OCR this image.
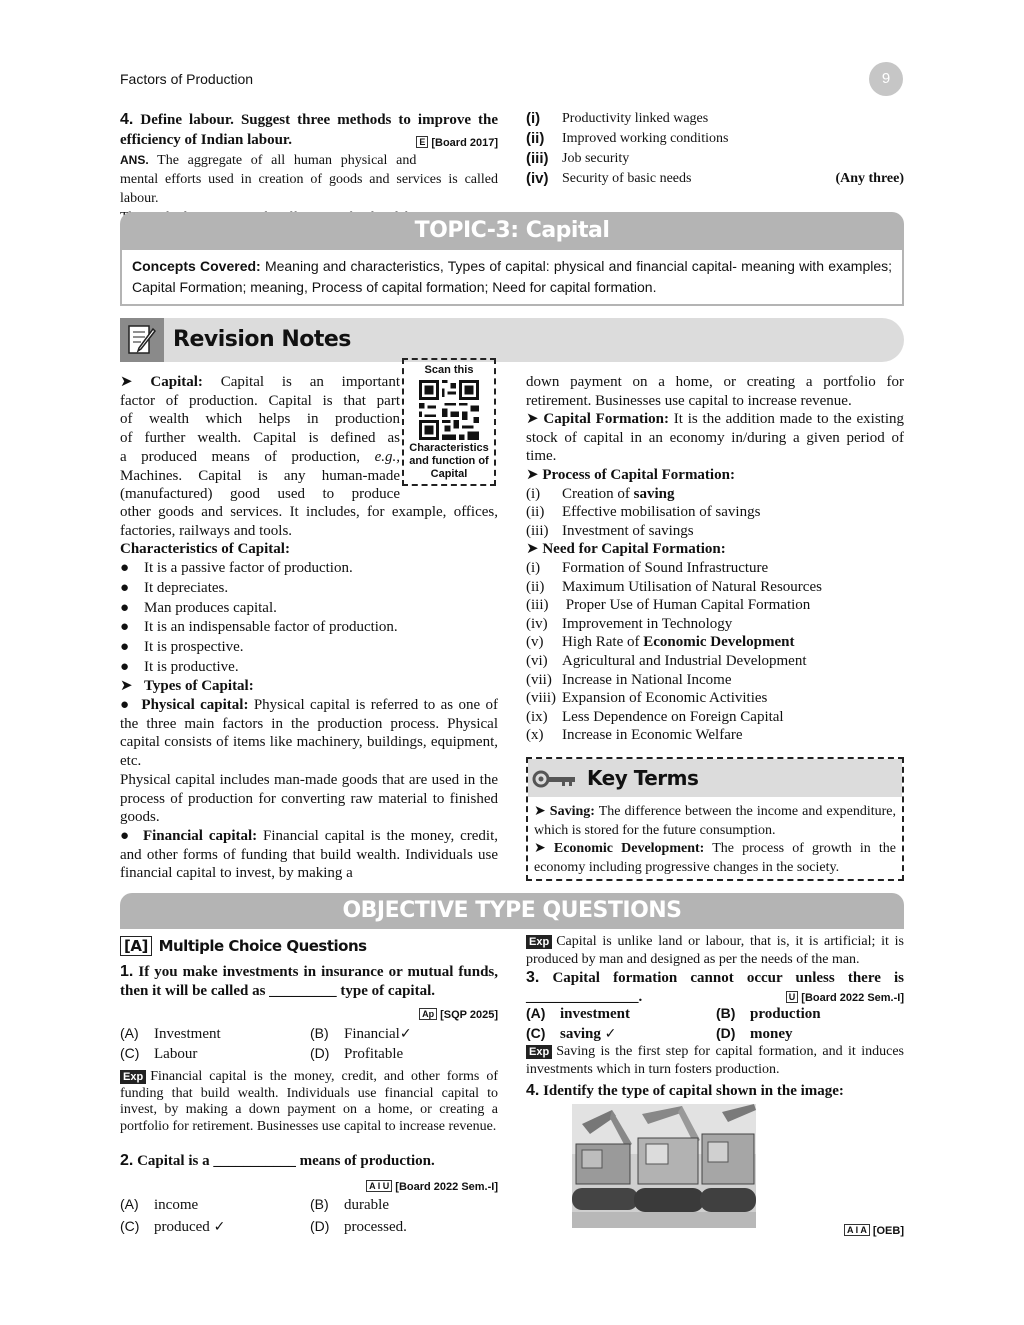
Factors of Production	9
4. Define labour. Suggest three methods to improve the efficiency of Indian labour.	E [Board 2017]
ANS. The aggregate of all human physical and mental efforts used in creation of goods and services is called labour.
(i)	Productivity linked wages
(ii)	Improved working conditions
(iii) Job security
(iv) Security of basic needs	(Any three)
TOPIC-3: Capital
Concepts Covered: Meaning and characteristics, Types of capital: physical and financial capital- meaning with examples; Capital Formation; meaning, Process of capital formation; Need for capital formation.
Revision Notes
Scan this
Characteristics and function of Capital
➤ Capital: Capital is an important
factor of production. Capital is that part
of wealth which helps in production
of further wealth. Capital is defined as
a produced means of production, e.g.,
Machines. Capital is any human-made
(manufactured) good used to produce
other goods and services. It includes, for example, offices, factories, railways and tools.
Characteristics of Capital:
● It is a passive factor of production.
● It depreciates.
● Man produces capital.
● It is an indispensable factor of production.
● It is prospective.
● It is productive.
➤ Types of Capital:
●  Physical capital: Physical capital is referred to as one of the three main factors in the production process. Physical capital consists of items like machinery, buildings, equipment, etc.
Physical capital includes man-made goods that are used in the process of production for converting raw material to finished goods.
●  Financial capital: Financial capital is the money, credit, and other forms of funding that build wealth. Individuals use financial capital to invest, by making a
down payment on a home, or creating a portfolio for retirement. Businesses use capital to increase revenue.
➤ Capital Formation: It is the addition made to the existing stock of capital in an economy in/during a given period of time.
➤ Process of Capital Formation:
(i) Creation of saving
(ii) Effective mobilisation of savings
(iii) Investment of savings
➤ Need for Capital Formation:
(i) Formation of Sound Infrastructure
(ii) Maximum Utilisation of Natural Resources
(iii) Proper Use of Human Capital Formation
(iv) Improvement in Technology
(v) High Rate of Economic Development
(vi) Agricultural and Industrial Development
(vii) Increase in National Income
(viii) Expansion of Economic Activities
(ix) Less Dependence on Foreign Capital
(x) Increase in Economic Welfare
Key Terms
➤ Saving: The difference between the income and expenditure, which is stored for the future consumption.
➤ Economic Development: The process of growth in the economy including progressive changes in the society.
OBJECTIVE TYPE QUESTIONS
[A] Multiple Choice Questions
1. If you make investments in insurance or mutual funds, then it will be called as _________ type of capital.
Ap [SQP 2025]
(A) Investment	(B) Financial✓
(C) Labour	(D) Profitable
Exp Financial capital is the money, credit, and other forms of funding that build wealth. Individuals use financial capital to invest, by making a down payment on a home, or creating a portfolio for retirement. Businesses use capital to increase revenue.
2. Capital is a ___________ means of production.
A I U [Board 2022 Sem.-I]
(A) income	(B) durable
(C) produced ✓	(D) processed.
Exp Capital is unlike land or labour, that is, it is artificial; it is produced by man and designed as per the needs of the man.
3. Capital formation cannot occur unless there is _______________.	U [Board 2022 Sem.-I]
(A) investment	(B) production
(C) saving ✓	(D) money
Exp Saving is the first step for capital formation, and it induces investments which in turn fosters production.
4. Identify the type of capital shown in the image:
A I A [OEB]
